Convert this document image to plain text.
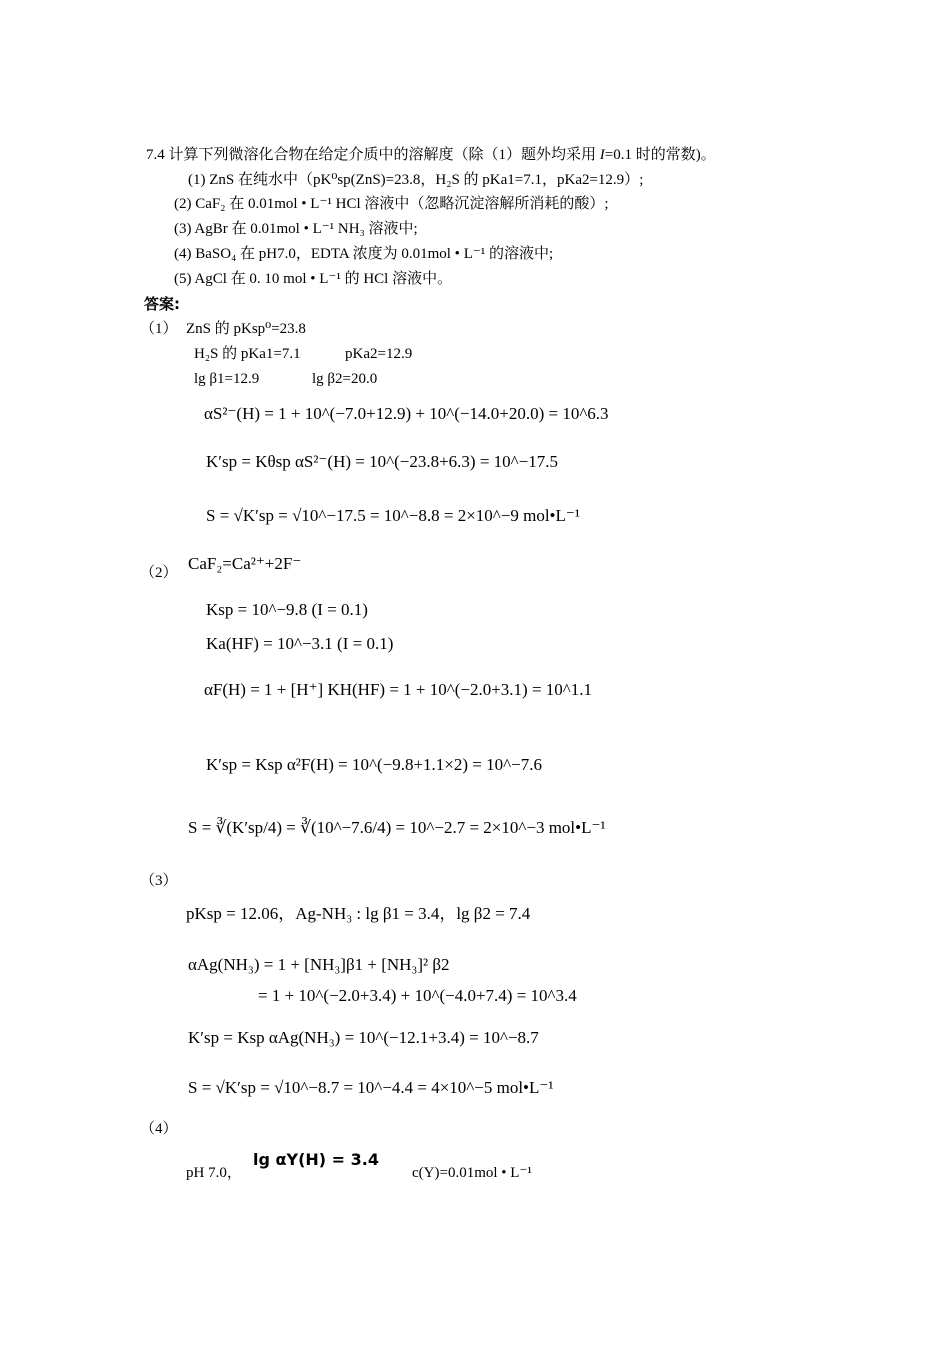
7.4 计算下列微溶化合物在给定介质中的溶解度（除（1）题外均采用 I=0.1 时的常数)。
(1) ZnS 在纯水中（pK⁰sp(ZnS)=23.8，H₂S 的 pKa1=7.1，pKa2=12.9）;
(2) CaF₂ 在 0.01mol • L⁻¹ HCl 溶液中（忽略沉淀溶解所消耗的酸）;
(3) AgBr 在 0.01mol • L⁻¹ NH₃ 溶液中;
(4) BaSO₄ 在 pH7.0，EDTA 浓度为 0.01mol • L⁻¹ 的溶液中;
(5) AgCl 在 0. 10 mol • L⁻¹ 的 HCl 溶液中。
答案:
（1） ZnS 的 pKsp⁰=23.8
H₂S 的 pKa1=7.1	pKa2=12.9
lg β1=12.9	lg β2=20.0
αS²⁻(H) = 1 + 10^(−7.0+12.9) + 10^(−14.0+20.0) = 10^6.3
K′sp = Kθsp αS²⁻(H) = 10^(−23.8+6.3) = 10^−17.5
S = √K′sp = √10^−17.5 = 10^−8.8 = 2×10^−9 mol•L⁻¹
（2） CaF₂=Ca²⁺+2F⁻
Ksp = 10^−9.8 (I = 0.1)
Ka(HF) = 10^−3.1 (I = 0.1)
αF(H) = 1 + [H⁺] KH(HF) = 1 + 10^(−2.0+3.1) = 10^1.1
K′sp = Ksp α²F(H) = 10^(−9.8+1.1×2) = 10^−7.6
S = ∛(K′sp/4) = ∛(10^−7.6/4) = 10^−2.7 = 2×10^−3 mol•L⁻¹
（3）
pKsp = 12.06，Ag-NH₃ : lg β1 = 3.4，lg β2 = 7.4
αAg(NH₃) = 1 + [NH₃]β1 + [NH₃]² β2
= 1 + 10^(−2.0+3.4) + 10^(−4.0+7.4) = 10^3.4
K′sp = Ksp αAg(NH₃) = 10^(−12.1+3.4) = 10^−8.7
S = √K′sp = √10^−8.7 = 10^−4.4 = 4×10^−5 mol•L⁻¹
（4）
pH 7.0，
lg αY(H) = 3.4
c(Y)=0.01mol • L⁻¹
